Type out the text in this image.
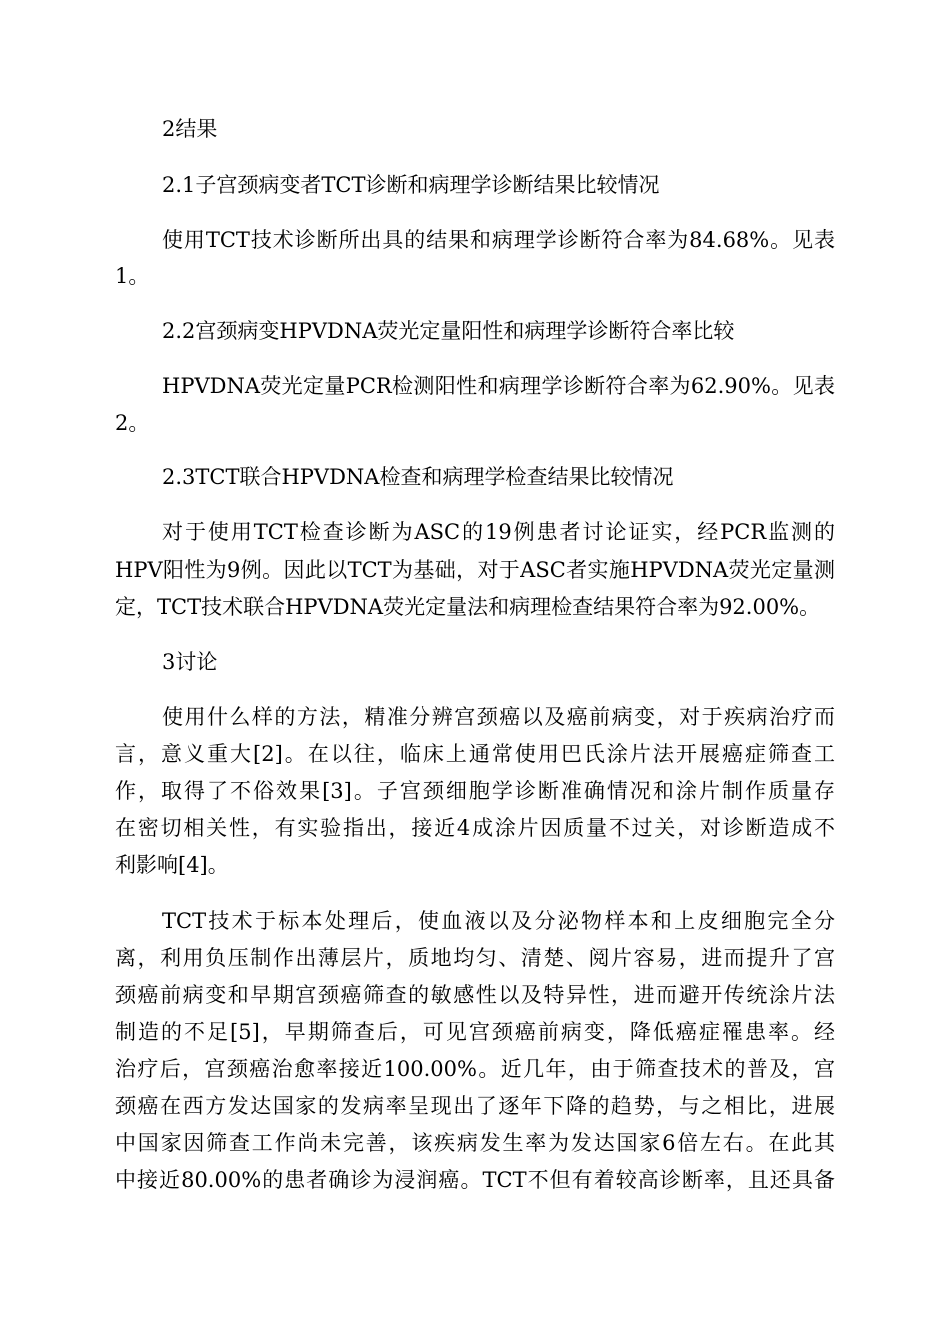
2结果
2.1子宫颈病变者TCT诊断和病理学诊断结果比较情况
使用TCT技术诊断所出具的结果和病理学诊断符合率为84.68%。见表
1。
2.2宫颈病变HPVDNA荧光定量阳性和病理学诊断符合率比较
HPVDNA荧光定量PCR检测阳性和病理学诊断符合率为62.90%。见表
2。
2.3TCT联合HPVDNA检查和病理学检查结果比较情况
对于使用TCT检查诊断为ASC的19例患者讨论证实，经PCR监测的
HPV阳性为9例。因此以TCT为基础，对于ASC者实施HPVDNA荧光定量测
定，TCT技术联合HPVDNA荧光定量法和病理检查结果符合率为92.00%。
3讨论
使用什么样的方法，精准分辨宫颈癌以及癌前病变，对于疾病治疗而
言，意义重大[2]。在以往，临床上通常使用巴氏涂片法开展癌症筛查工
作，取得了不俗效果[3]。子宫颈细胞学诊断准确情况和涂片制作质量存
在密切相关性，有实验指出，接近4成涂片因质量不过关，对诊断造成不
利影响[4]。
TCT技术于标本处理后，使血液以及分泌物样本和上皮细胞完全分
离，利用负压制作出薄层片，质地均匀、清楚、阅片容易，进而提升了宫
颈癌前病变和早期宫颈癌筛查的敏感性以及特异性，进而避开传统涂片法
制造的不足[5]，早期筛查后，可见宫颈癌前病变，降低癌症罹患率。经
治疗后，宫颈癌治愈率接近100.00%。近几年，由于筛查技术的普及，宫
颈癌在西方发达国家的发病率呈现出了逐年下降的趋势，与之相比，进展
中国家因筛查工作尚未完善，该疾病发生率为发达国家6倍左右。在此其
中接近80.00%的患者确诊为浸润癌。TCT不但有着较高诊断率，且还具备
